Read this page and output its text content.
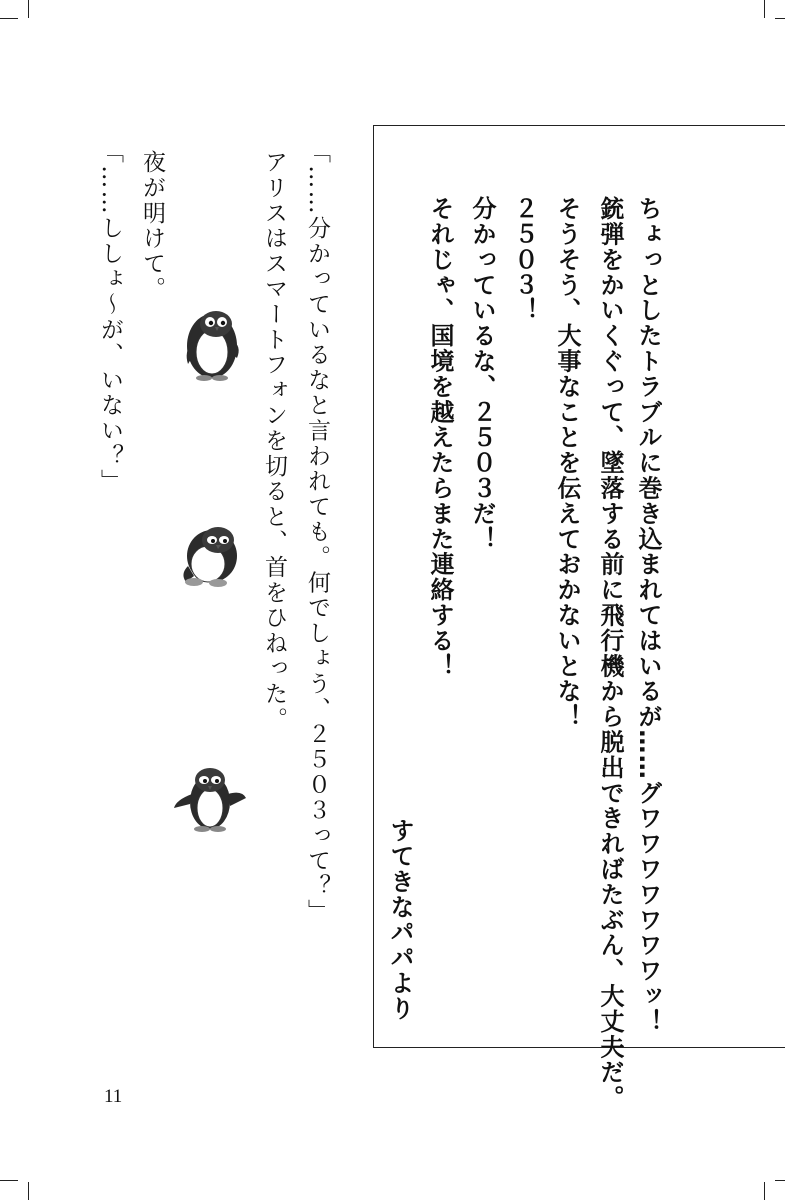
ちょっとしたトラブルに巻き込まれてはいるが……グワワワワワワワッ！
銃弾をかいくぐって、墜落する前に飛行機から脱出できればたぶん、大丈夫だ。
そうそう、大事なことを伝えておかないとな！
２５０３！
分かっているな、２５０３だ！
それじゃ、国境を越えたらまた連絡する！
すてきなパパより
「……分かっているなと言われても。何でしょう、２５０３って？」
アリスはスマートフォンを切ると、首をひねった。
夜が明けて。
「……ししょ〜が、いない？」
11
